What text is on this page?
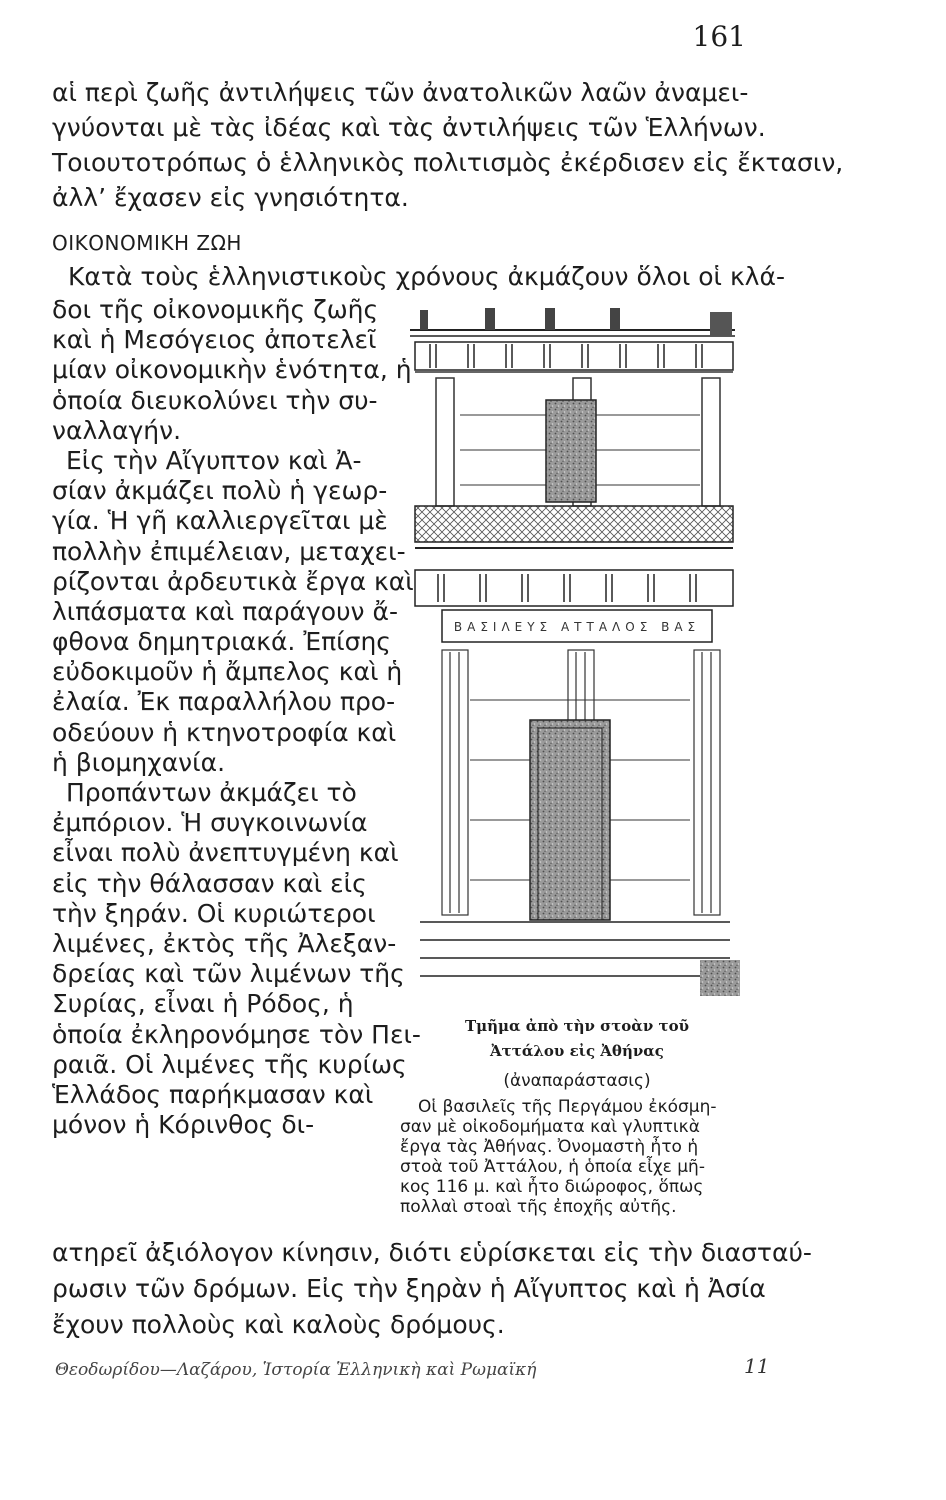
161
αἱ περὶ ζωῆς ἀντιλήψεις τῶν ἀνατολικῶν λαῶν ἀναμει-
γνύονται μὲ τὰς ἰδέας καὶ τὰς ἀντιλήψεις τῶν Ἑλλήνων.
Τοιουτοτρόπως ὁ ἑλληνικὸς πολιτισμὸς ἐκέρδισεν εἰς ἔκτασιν,
ἀλλ’ ἔχασεν εἰς γνησιότητα.
ΟΙΚΟΝΟΜΙΚΗ ΖΩΗ
Κατὰ τοὺς ἑλληνιστικοὺς χρόνους ἀκμάζουν ὅλοι οἱ κλά-
δοι τῆς οἰκονομικῆς ζωῆς
καὶ ἡ Μεσόγειος ἀποτελεῖ
μίαν οἰκονομικὴν ἑνότητα, ἡ
ὁποία διευκολύνει τὴν συ-
ναλλαγήν.
Εἰς τὴν Αἴγυπτον καὶ Ἀ-
σίαν ἀκμάζει πολὺ ἡ γεωρ-
γία. Ἡ γῆ καλλιεργεῖται μὲ
πολλὴν ἐπιμέλειαν, μεταχει-
ρίζονται ἀρδευτικὰ ἔργα καὶ
λιπάσματα καὶ παράγουν ἄ-
φθονα δημητριακά. Ἐπίσης
εὐδοκιμοῦν ἡ ἄμπελος καὶ ἡ
ἐλαία. Ἐκ παραλλήλου προ-
οδεύουν ἡ κτηνοτροφία καὶ
ἡ βιομηχανία.
Προπάντων ἀκμάζει τὸ
ἐμπόριον. Ἡ συγκοινωνία
εἶναι πολὺ ἀνεπτυγμένη καὶ
εἰς τὴν θάλασσαν καὶ εἰς
τὴν ξηράν. Οἱ κυριώτεροι
λιμένες, ἐκτὸς τῆς Ἀλεξαν-
δρείας καὶ τῶν λιμένων τῆς
Συρίας, εἶναι ἡ Ρόδος, ἡ
ὁποία ἐκληρονόμησε τὸν Πει-
ραιᾶ. Οἱ λιμένες τῆς κυρίως
Ἑλλάδος παρήκμασαν καὶ
μόνον ἡ Κόρινθος δι-
ΒΑΣΙΛΕΥΣ ΑΤΤΑΛΟΣ ΒΑΣ
Τμῆμα ἀπὸ τὴν στοὰν τοῦ
Ἀττάλου εἰς Ἀθήνας
(ἀναπαράστασις)
Οἱ βασιλεῖς τῆς Περγάμου ἐκόσμη-
σαν μὲ οἰκοδομήματα καὶ γλυπτικὰ
ἔργα τὰς Ἀθήνας. Ὀνομαστὴ ἦτο ἡ
στοὰ τοῦ Ἀττάλου, ἡ ὁποία εἶχε μῆ-
κος 116 μ. καὶ ἦτο διώροφος, ὅπως
πολλαὶ στοαὶ τῆς ἐποχῆς αὐτῆς.
ατηρεῖ ἀξιόλογον κίνησιν, διότι εὑρίσκεται εἰς τὴν διασταύ-
ρωσιν τῶν δρόμων. Εἰς τὴν ξηρὰν ἡ Αἴγυπτος καὶ ἡ Ἀσία
ἔχουν πολλοὺς καὶ καλοὺς δρόμους.
Θεοδωρίδου—Λαζάρου, Ἱστορία Ἑλληνικὴ καὶ Ρωμαϊκή	11
